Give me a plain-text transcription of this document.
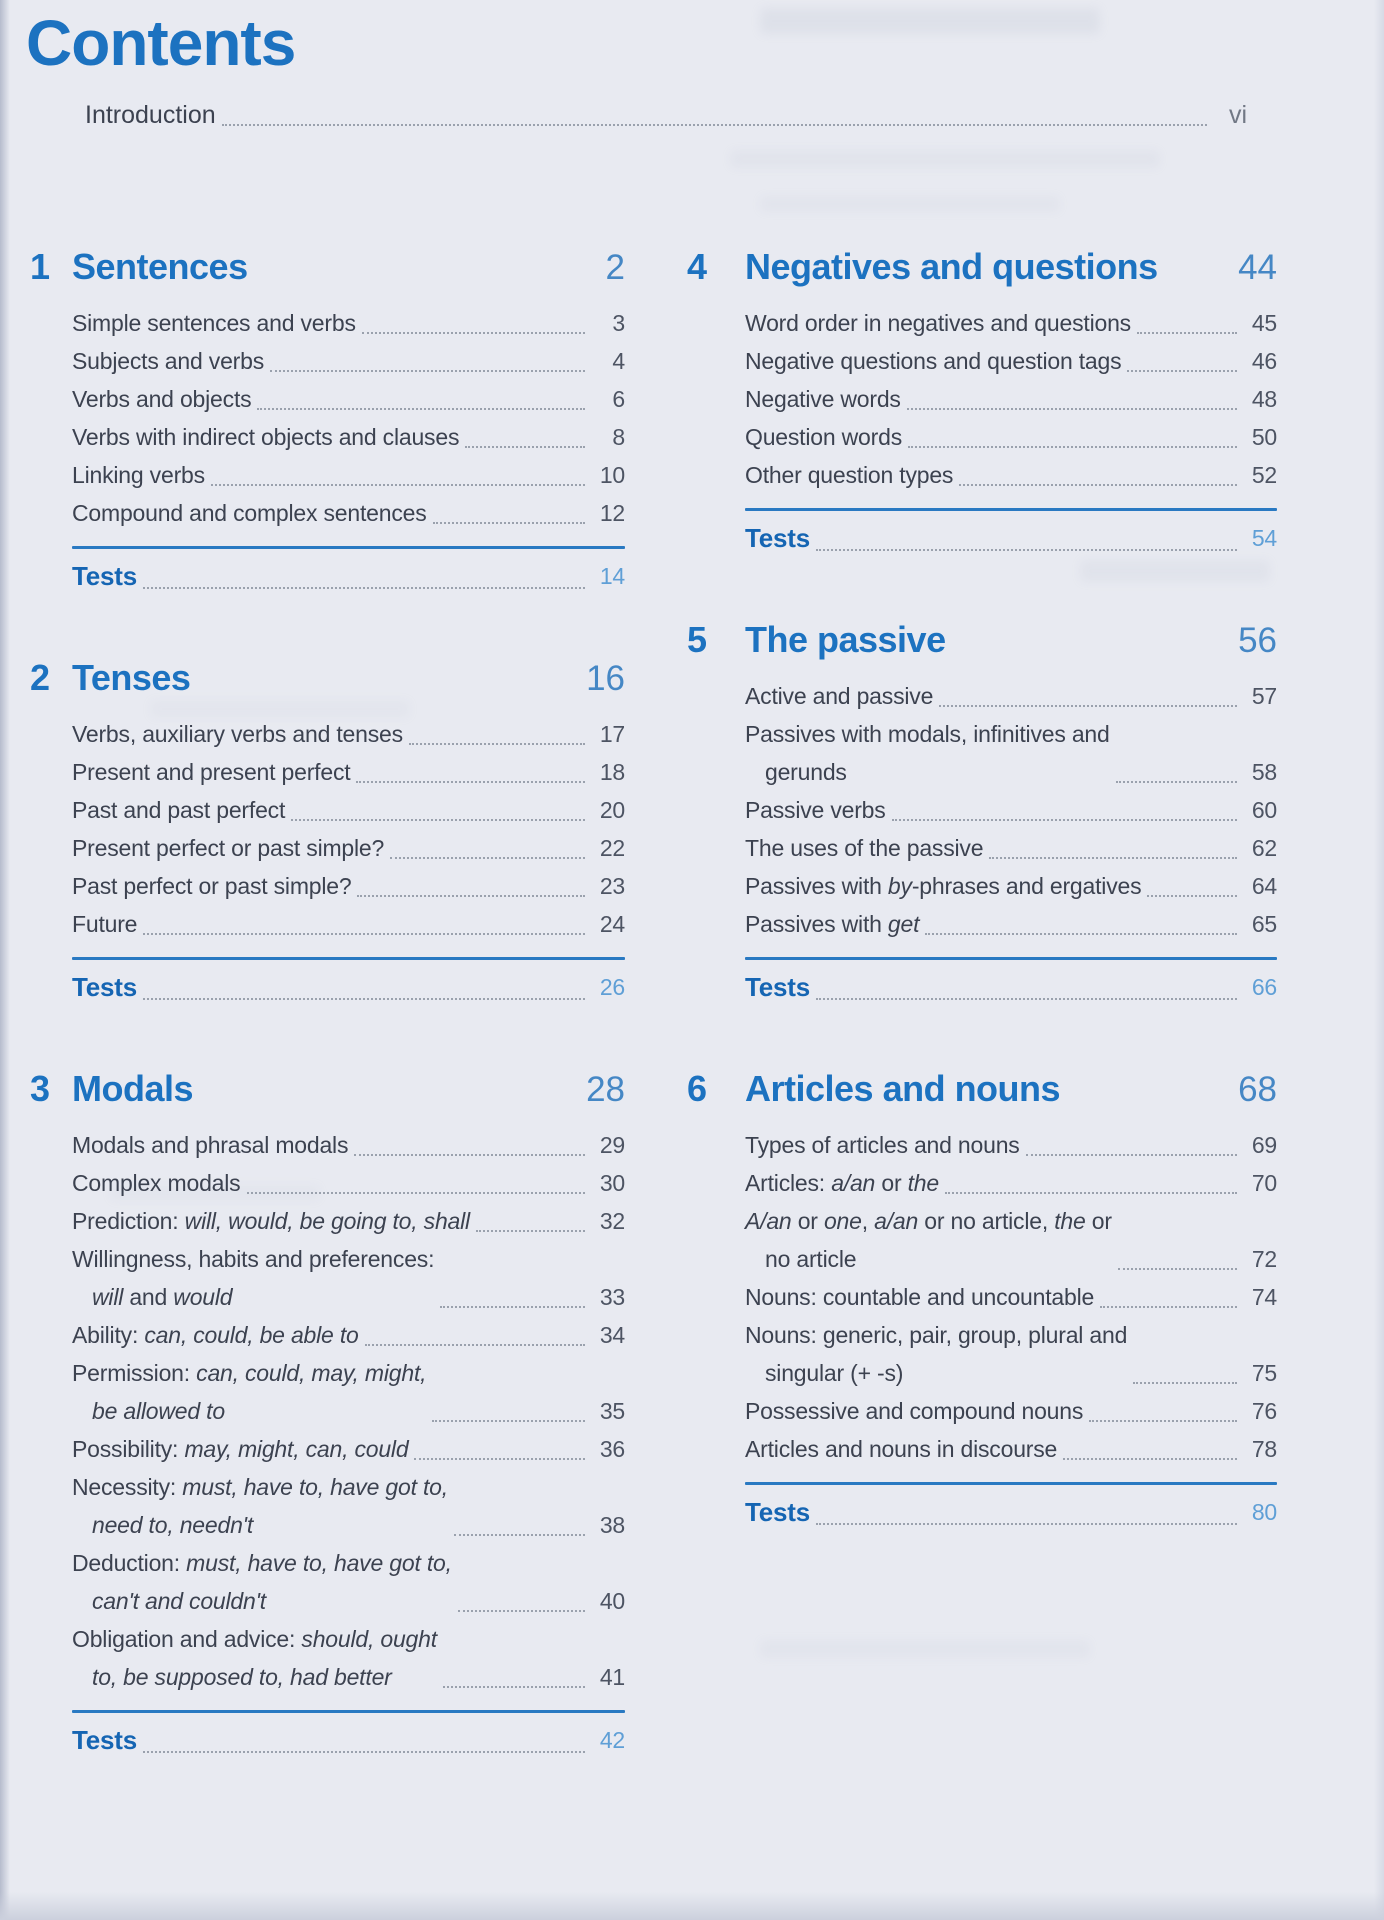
Contents
Introduction	vi
1 Sentences	2
Simple sentences and verbs	3
Subjects and verbs	4
Verbs and objects	6
Verbs with indirect objects and clauses	8
Linking verbs	10
Compound and complex sentences	12
Tests	14
2 Tenses	16
Verbs, auxiliary verbs and tenses	17
Present and present perfect	18
Past and past perfect	20
Present perfect or past simple?	22
Past perfect or past simple?	23
Future	24
Tests	26
3 Modals	28
Modals and phrasal modals	29
Complex modals	30
Prediction: will, would, be going to, shall	32
Willingness, habits and preferences:
will and would	33
Ability: can, could, be able to	34
Permission: can, could, may, might,
be allowed to	35
Possibility: may, might, can, could	36
Necessity: must, have to, have got to,
need to, needn't	38
Deduction: must, have to, have got to,
can't and couldn't	40
Obligation and advice: should, ought
to, be supposed to, had better	41
Tests	42
4 Negatives and questions	44
Word order in negatives and questions	45
Negative questions and question tags	46
Negative words	48
Question words	50
Other question types	52
Tests	54
5 The passive	56
Active and passive	57
Passives with modals, infinitives and
gerunds	58
Passive verbs	60
The uses of the passive	62
Passives with by-phrases and ergatives	64
Passives with get	65
Tests	66
6 Articles and nouns	68
Types of articles and nouns	69
Articles: a/an or the	70
A/an or one, a/an or no article, the or
no article	72
Nouns: countable and uncountable	74
Nouns: generic, pair, group, plural and
singular (+ -s)	75
Possessive and compound nouns	76
Articles and nouns in discourse	78
Tests	80
